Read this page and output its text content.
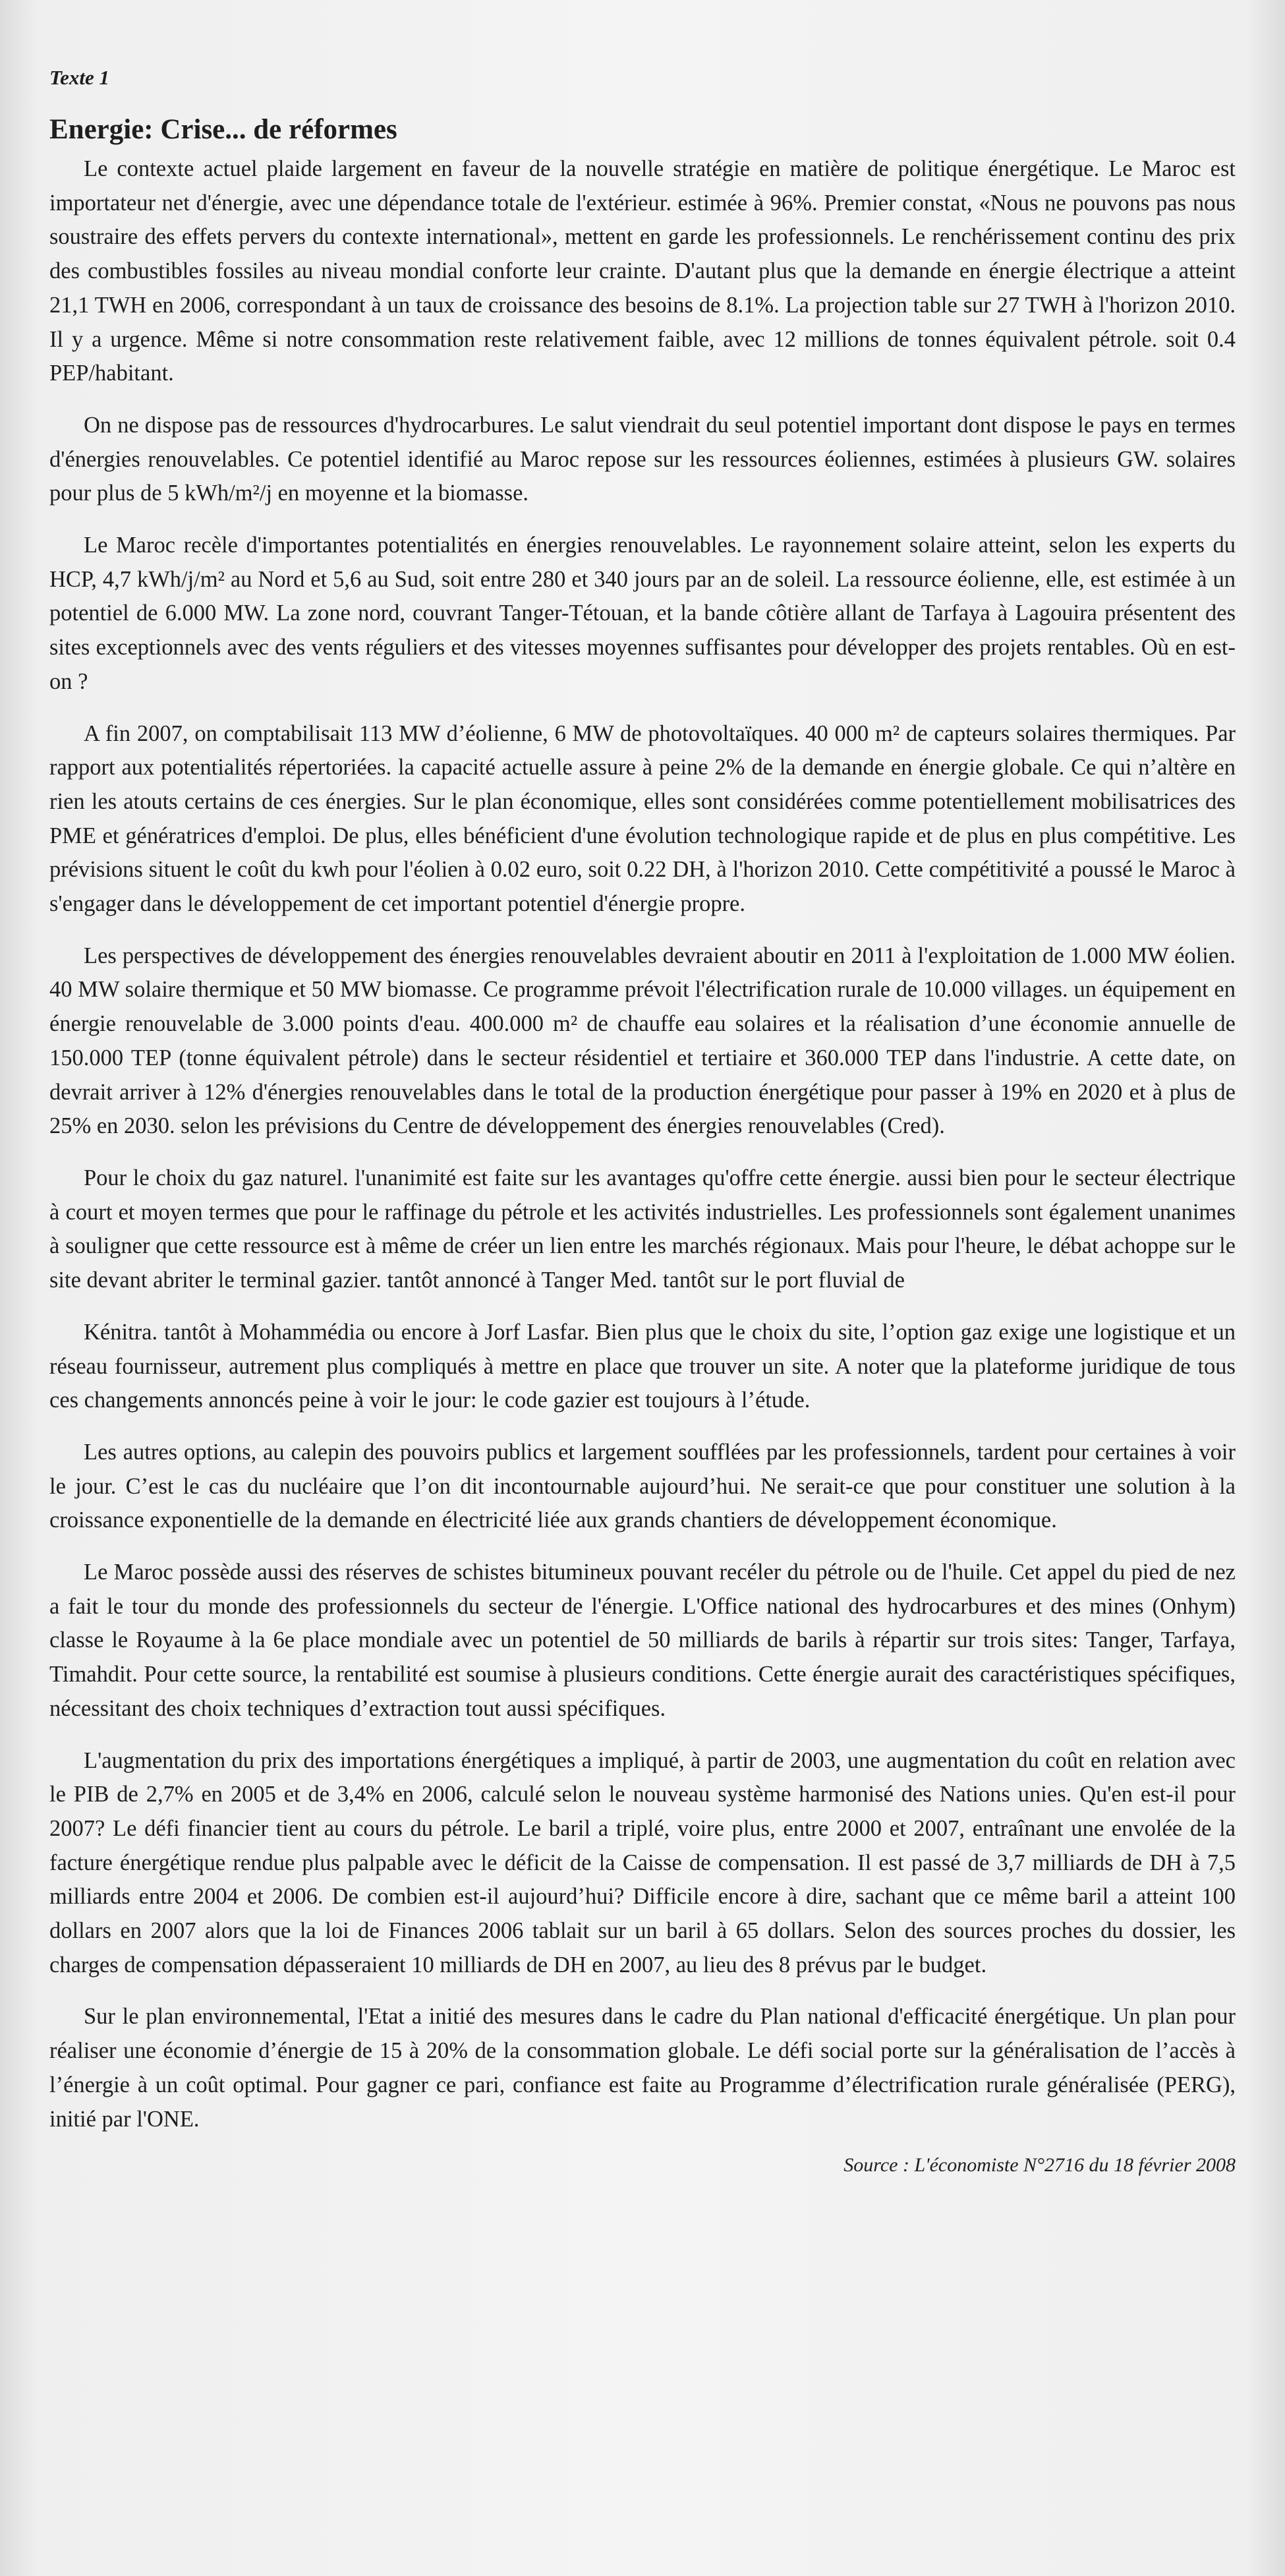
Texte 1
Energie: Crise... de réformes

Le contexte actuel plaide largement en faveur de la nouvelle stratégie en matière de politique énergétique. Le Maroc est importateur net d'énergie, avec une dépendance totale de l'extérieur. estimée à 96%. Premier constat, «Nous ne pouvons pas nous soustraire des effets pervers du contexte international», mettent en garde les professionnels. Le renchérissement continu des prix des combustibles fossiles au niveau mondial conforte leur crainte. D'autant plus que la demande en énergie électrique a atteint 21,1 TWH en 2006, correspondant à un taux de croissance des besoins de 8.1%. La projection table sur 27 TWH à l'horizon 2010. Il y a urgence. Même si notre consommation reste relativement faible, avec 12 millions de tonnes équivalent pétrole. soit 0.4 PEP/habitant.

On ne dispose pas de ressources d'hydrocarbures. Le salut viendrait du seul potentiel important dont dispose le pays en termes d'énergies renouvelables. Ce potentiel identifié au Maroc repose sur les ressources éoliennes, estimées à plusieurs GW. solaires pour plus de 5 kWh/m²/j en moyenne et la biomasse.

Le Maroc recèle d'importantes potentialités en énergies renouvelables. Le rayonnement solaire atteint, selon les experts du HCP, 4,7 kWh/j/m² au Nord et 5,6 au Sud, soit entre 280 et 340 jours par an de soleil. La ressource éolienne, elle, est estimée à un potentiel de 6.000 MW. La zone nord, couvrant Tanger-Tétouan, et la bande côtière allant de Tarfaya à Lagouira présentent des sites exceptionnels avec des vents réguliers et des vitesses moyennes suffisantes pour développer des projets rentables. Où en est-on ?

A fin 2007, on comptabilisait 113 MW d’éolienne, 6 MW de photovoltaïques. 40 000 m² de capteurs solaires thermiques. Par rapport aux potentialités répertoriées. la capacité actuelle assure à peine 2% de la demande en énergie globale. Ce qui n’altère en rien les atouts certains de ces énergies. Sur le plan économique, elles sont considérées comme potentiellement mobilisatrices des PME et génératrices d'emploi. De plus, elles bénéficient d'une évolution technologique rapide et de plus en plus compétitive. Les prévisions situent le coût du kwh pour l'éolien à 0.02 euro, soit 0.22 DH, à l'horizon 2010. Cette compétitivité a poussé le Maroc à s'engager dans le développement de cet important potentiel d'énergie propre.

Les perspectives de développement des énergies renouvelables devraient aboutir en 2011 à l'exploitation de 1.000 MW éolien. 40 MW solaire thermique et 50 MW biomasse. Ce programme prévoit l'électrification rurale de 10.000 villages. un équipement en énergie renouvelable de 3.000 points d'eau. 400.000 m² de chauffe eau solaires et la réalisation d’une économie annuelle de 150.000 TEP (tonne équivalent pétrole) dans le secteur résidentiel et tertiaire et 360.000 TEP dans l'industrie. A cette date, on devrait arriver à 12% d'énergies renouvelables dans le total de la production énergétique pour passer à 19% en 2020 et à plus de 25% en 2030. selon les prévisions du Centre de développement des énergies renouvelables (Cred).

Pour le choix du gaz naturel. l'unanimité est faite sur les avantages qu'offre cette énergie. aussi bien pour le secteur électrique à court et moyen termes que pour le raffinage du pétrole et les activités industrielles. Les professionnels sont également unanimes à souligner que cette ressource est à même de créer un lien entre les marchés régionaux. Mais pour l'heure, le débat achoppe sur le site devant abriter le terminal gazier. tantôt annoncé à Tanger Med. tantôt sur le port fluvial de

Kénitra. tantôt à Mohammédia ou encore à Jorf Lasfar. Bien plus que le choix du site, l’option gaz exige une logistique et un réseau fournisseur, autrement plus compliqués à mettre en place que trouver un site. A noter que la plateforme juridique de tous ces changements annoncés peine à voir le jour: le code gazier est toujours à l’étude.

Les autres options, au calepin des pouvoirs publics et largement soufflées par les professionnels, tardent pour certaines à voir le jour. C’est le cas du nucléaire que l’on dit incontournable aujourd’hui. Ne serait-ce que pour constituer une solution à la croissance exponentielle de la demande en électricité liée aux grands chantiers de développement économique.

Le Maroc possède aussi des réserves de schistes bitumineux pouvant recéler du pétrole ou de l'huile. Cet appel du pied de nez a fait le tour du monde des professionnels du secteur de l'énergie. L'Office national des hydrocarbures et des mines (Onhym) classe le Royaume à la 6e place mondiale avec un potentiel de 50 milliards de barils à répartir sur trois sites: Tanger, Tarfaya, Timahdit. Pour cette source, la rentabilité est soumise à plusieurs conditions. Cette énergie aurait des caractéristiques spécifiques, nécessitant des choix techniques d’extraction tout aussi spécifiques.

L'augmentation du prix des importations énergétiques a impliqué, à partir de 2003, une augmentation du coût en relation avec le PIB de 2,7% en 2005 et de 3,4% en 2006, calculé selon le nouveau système harmonisé des Nations unies. Qu'en est-il pour 2007? Le défi financier tient au cours du pétrole. Le baril a triplé, voire plus, entre 2000 et 2007, entraînant une envolée de la facture énergétique rendue plus palpable avec le déficit de la Caisse de compensation. Il est passé de 3,7 milliards de DH à 7,5 milliards entre 2004 et 2006. De combien est-il aujourd’hui? Difficile encore à dire, sachant que ce même baril a atteint 100 dollars en 2007 alors que la loi de Finances 2006 tablait sur un baril à 65 dollars. Selon des sources proches du dossier, les charges de compensation dépasseraient 10 milliards de DH en 2007, au lieu des 8 prévus par le budget.

Sur le plan environnemental, l'Etat a initié des mesures dans le cadre du Plan national d'efficacité énergétique. Un plan pour réaliser une économie d’énergie de 15 à 20% de la consommation globale. Le défi social porte sur la généralisation de l’accès à l’énergie à un coût optimal. Pour gagner ce pari, confiance est faite au Programme d’électrification rurale généralisée (PERG), initié par l'ONE.

Source : L'économiste N°2716 du 18 février 2008
